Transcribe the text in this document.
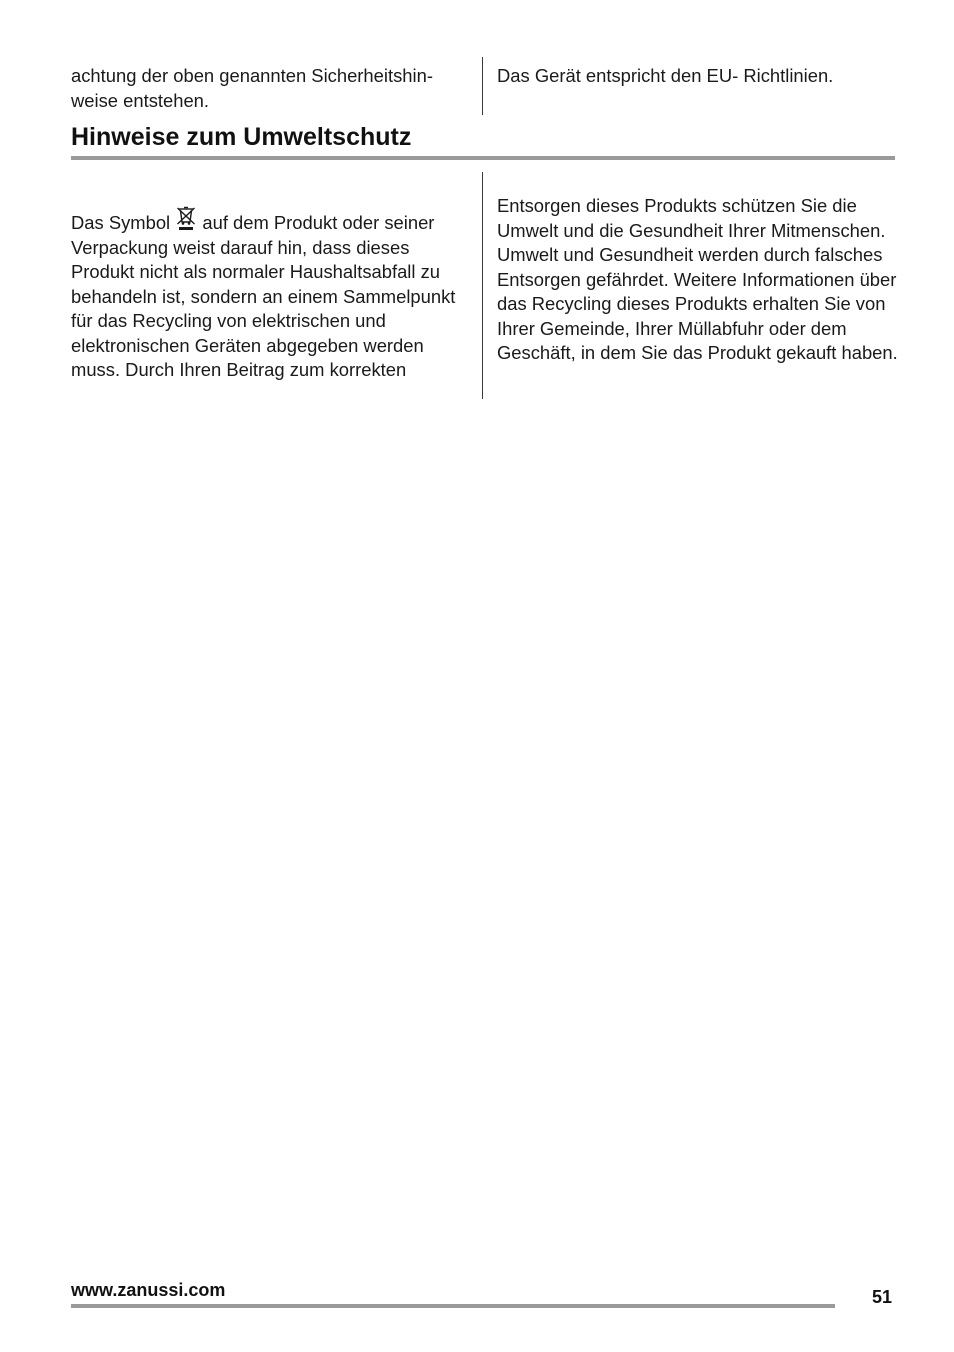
achtung der oben genannten Sicherheitshin-
weise entstehen.

Das Gerät entspricht den EU- Richtlinien.

Hinweise zum Umweltschutz

Das Symbol  auf dem Produkt oder seiner Verpackung weist darauf hin, dass dieses Produkt nicht als normaler Haushaltsabfall zu behandeln ist, sondern an einem Sammelpunkt für das Recycling von elektrischen und elektronischen Geräten abgegeben werden muss. Durch Ihren Beitrag zum korrekten

Entsorgen dieses Produkts schützen Sie die Umwelt und die Gesundheit Ihrer Mitmenschen. Umwelt und Gesundheit werden durch falsches Entsorgen gefährdet. Weitere Informationen über das Recycling dieses Produkts erhalten Sie von Ihrer Gemeinde, Ihrer Müllabfuhr oder dem Geschäft, in dem Sie das Produkt gekauft haben.

www.zanussi.com	51
